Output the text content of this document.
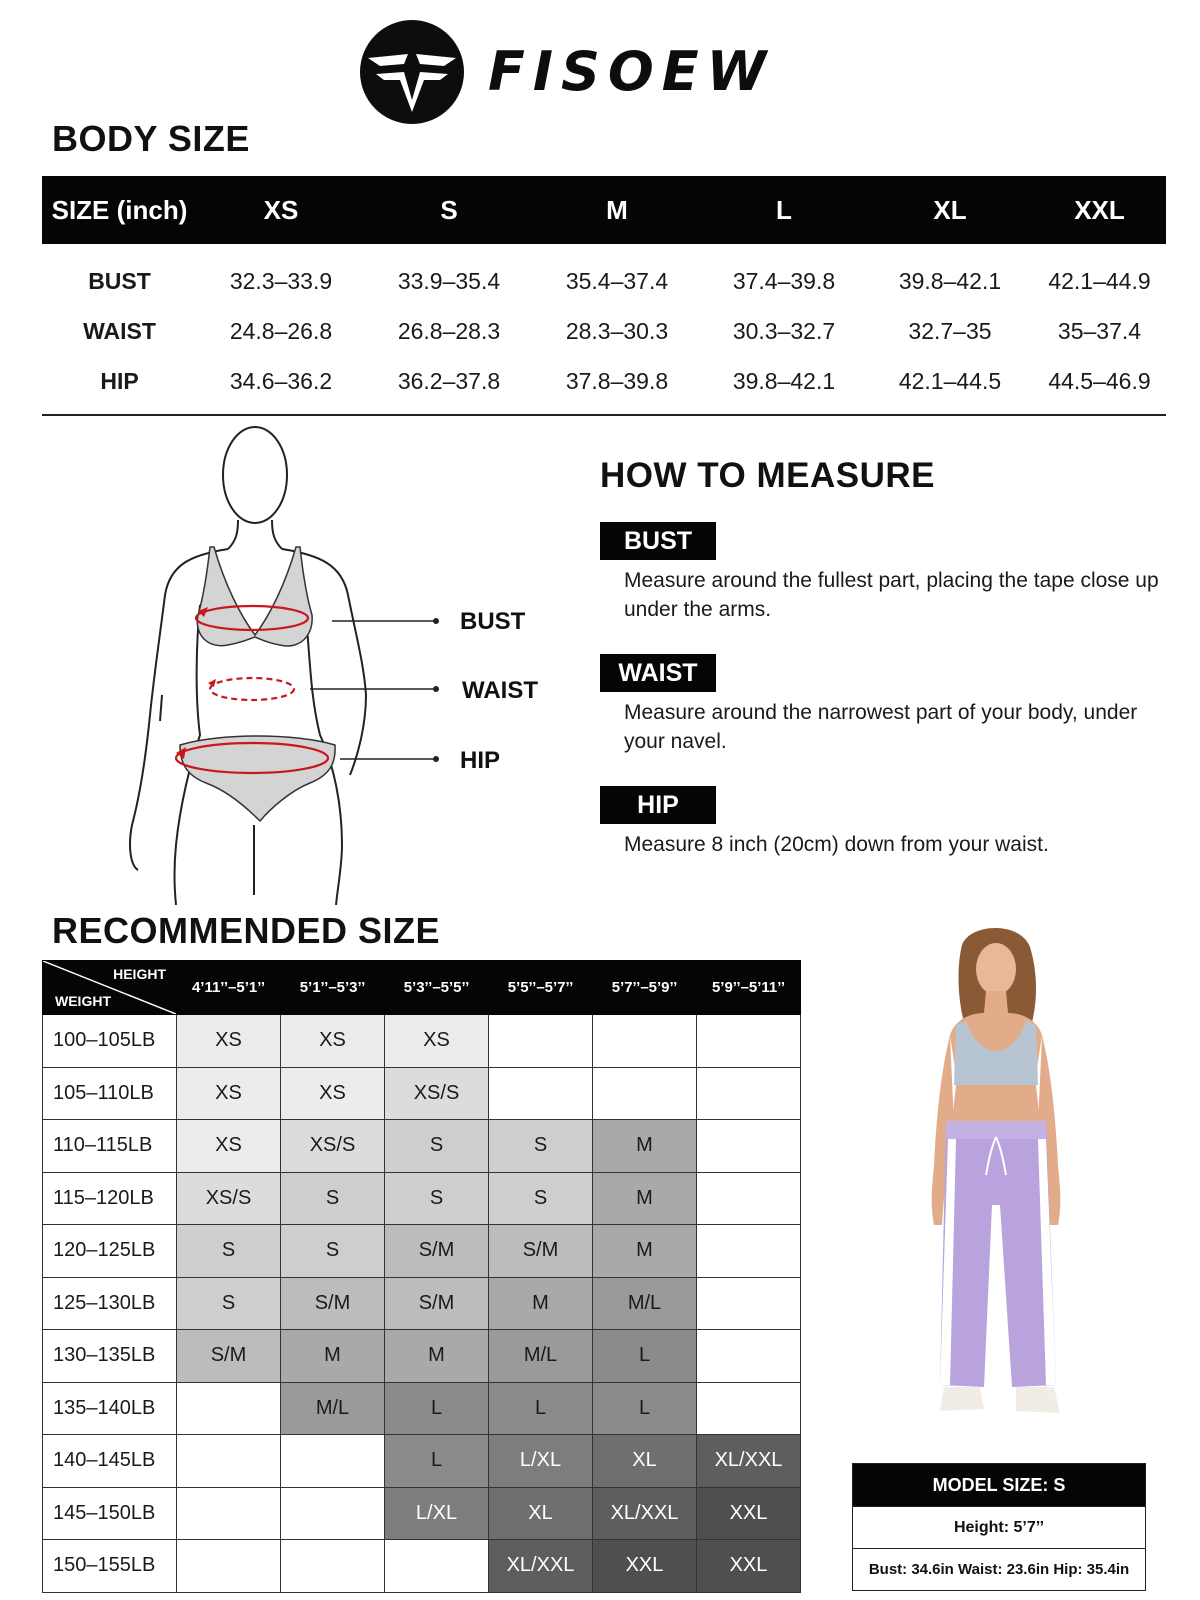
FISOEW
BODY SIZE
SIZE (inch)	XS	S	M	L	XL	XXL
BUST	32.3–33.9	33.9–35.4	35.4–37.4	37.4–39.8	39.8–42.1	42.1–44.9
WAIST	24.8–26.8	26.8–28.3	28.3–30.3	30.3–32.7	32.7–35	35–37.4
HIP	34.6–36.2	36.2–37.8	37.8–39.8	39.8–42.1	42.1–44.5	44.5–46.9
BUST
WAIST
HIP
HOW TO MEASURE
BUST
Measure around the fullest part, placing the tape close up under the arms.
WAIST
Measure around the narrowest part of your body, under your navel.
HIP
Measure 8 inch (20cm) down from your waist.
RECOMMENDED SIZE
HEIGHT
WEIGHT	4’11’’–5’1’’	5’1’’–5’3’’	5’3’’–5’5’’	5’5’’–5’7’’	5’7’’–5’9’’	5’9’’–5’11’’
100–105LB	XS	XS	XS			
105–110LB	XS	XS	XS/S			
110–115LB	XS	XS/S	S	S	M	
115–120LB	XS/S	S	S	S	M	
120–125LB	S	S	S/M	S/M	M	
125–130LB	S	S/M	S/M	M	M/L	
130–135LB	S/M	M	M	M/L	L	
135–140LB		M/L	L	L	L	
140–145LB			L	L/XL	XL	XL/XXL
145–150LB			L/XL	XL	XL/XXL	XXL
150–155LB				XL/XXL	XXL	XXL
MODEL SIZE: S
Height: 5’7’’
Bust: 34.6in Waist: 23.6in Hip: 35.4in
